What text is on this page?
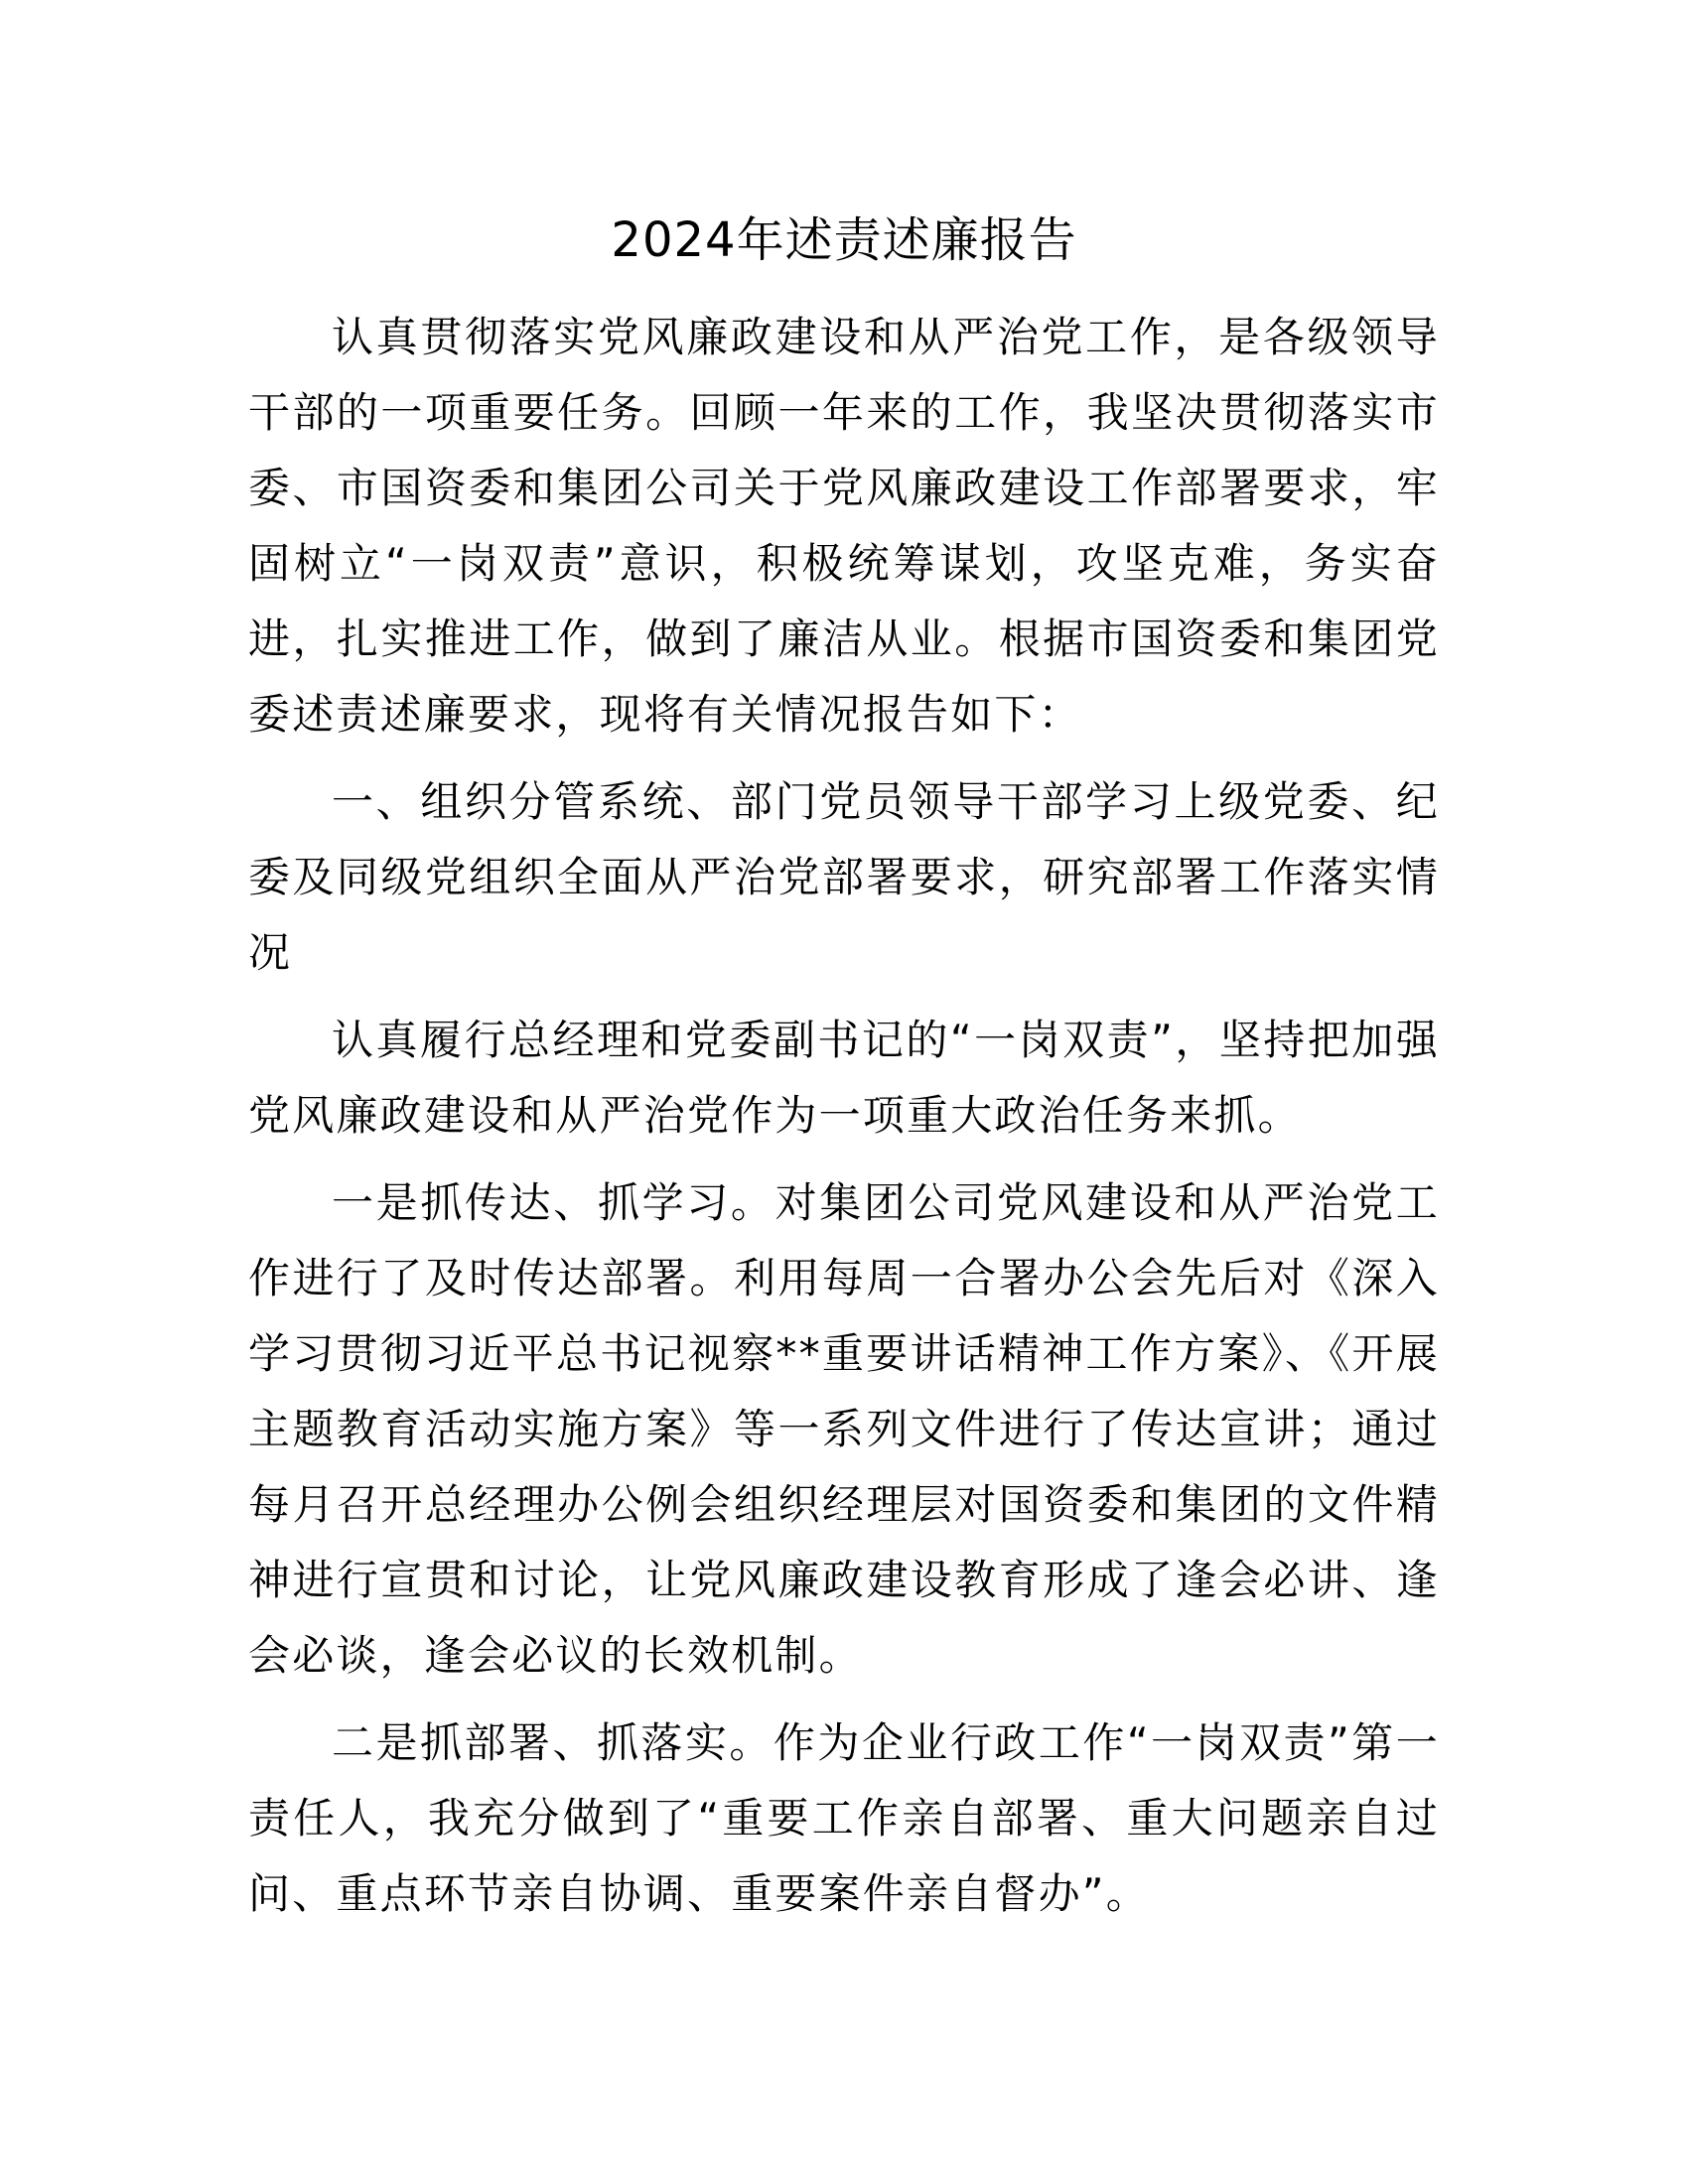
2024年述责述廉报告

认真贯彻落实党风廉政建设和从严治党工作，是各级领导干部的一项重要任务。回顾一年来的工作，我坚决贯彻落实市委、市国资委和集团公司关于党风廉政建设工作部署要求，牢固树立“一岗双责”意识，积极统筹谋划，攻坚克难，务实奋进，扎实推进工作，做到了廉洁从业。根据市国资委和集团党委述责述廉要求，现将有关情况报告如下：

一、组织分管系统、部门党员领导干部学习上级党委、纪委及同级党组织全面从严治党部署要求，研究部署工作落实情况

认真履行总经理和党委副书记的“一岗双责”，坚持把加强党风廉政建设和从严治党作为一项重大政治任务来抓。

一是抓传达、抓学习。对集团公司党风建设和从严治党工作进行了及时传达部署。利用每周一合署办公会先后对《深入学习贯彻习近平总书记视察**重要讲话精神工作方案》、《开展主题教育活动实施方案》等一系列文件进行了传达宣讲；通过每月召开总经理办公例会组织经理层对国资委和集团的文件精神进行宣贯和讨论，让党风廉政建设教育形成了逢会必讲、逢会必谈，逢会必议的长效机制。

二是抓部署、抓落实。作为企业行政工作“一岗双责”第一责任人，我充分做到了“重要工作亲自部署、重大问题亲自过问、重点环节亲自协调、重要案件亲自督办”。
